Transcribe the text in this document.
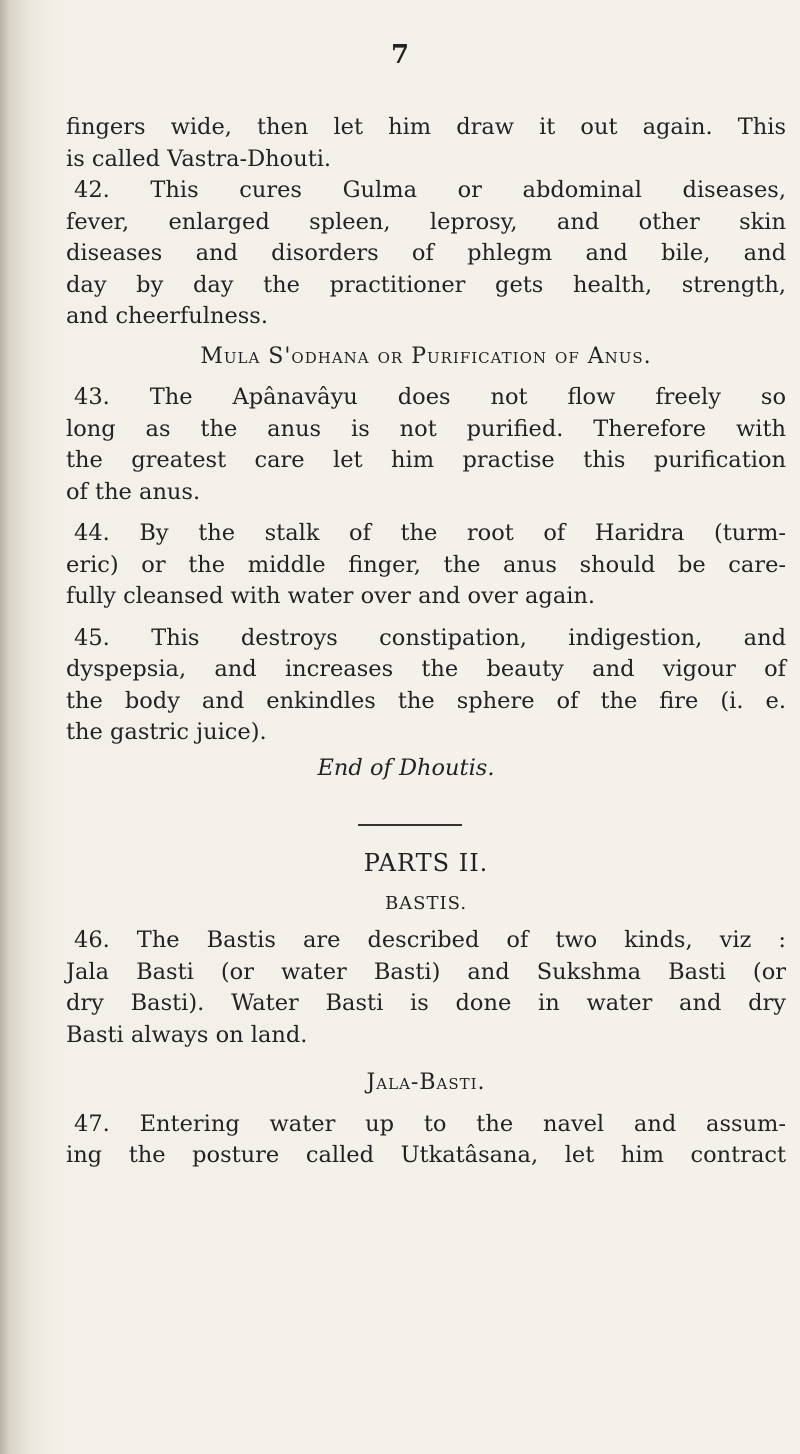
7

fingers wide, then let him draw it out again. This

is called Vastra-Dhouti.

42. This cures Gulma or abdominal diseases,

fever, enlarged spleen, leprosy, and other skin

diseases and disorders of phlegm and bile, and

day by day the practitioner gets health, strength,

and cheerfulness.

Mula S'odhana or Purification of Anus.

43. The Apânavâyu does not flow freely so

long as the anus is not purified. Therefore with

the greatest care let him practise this purification

of the anus.

44. By the stalk of the root of Haridra (turm-

eric) or the middle finger, the anus should be care-

fully cleansed with water over and over again.

45. This destroys constipation, indigestion, and

dyspepsia, and increases the beauty and vigour of

the body and enkindles the sphere of the fire (i. e.

the gastric juice).

End of Dhoutis.

PARTS II.

BASTIS.

46. The Bastis are described of two kinds, viz :

Jala Basti (or water Basti) and Sukshma Basti (or

dry Basti). Water Basti is done in water and dry

Basti always on land.

Jala-Basti.

47. Entering water up to the navel and assum-

ing the posture called Utkatâsana, let him contract
